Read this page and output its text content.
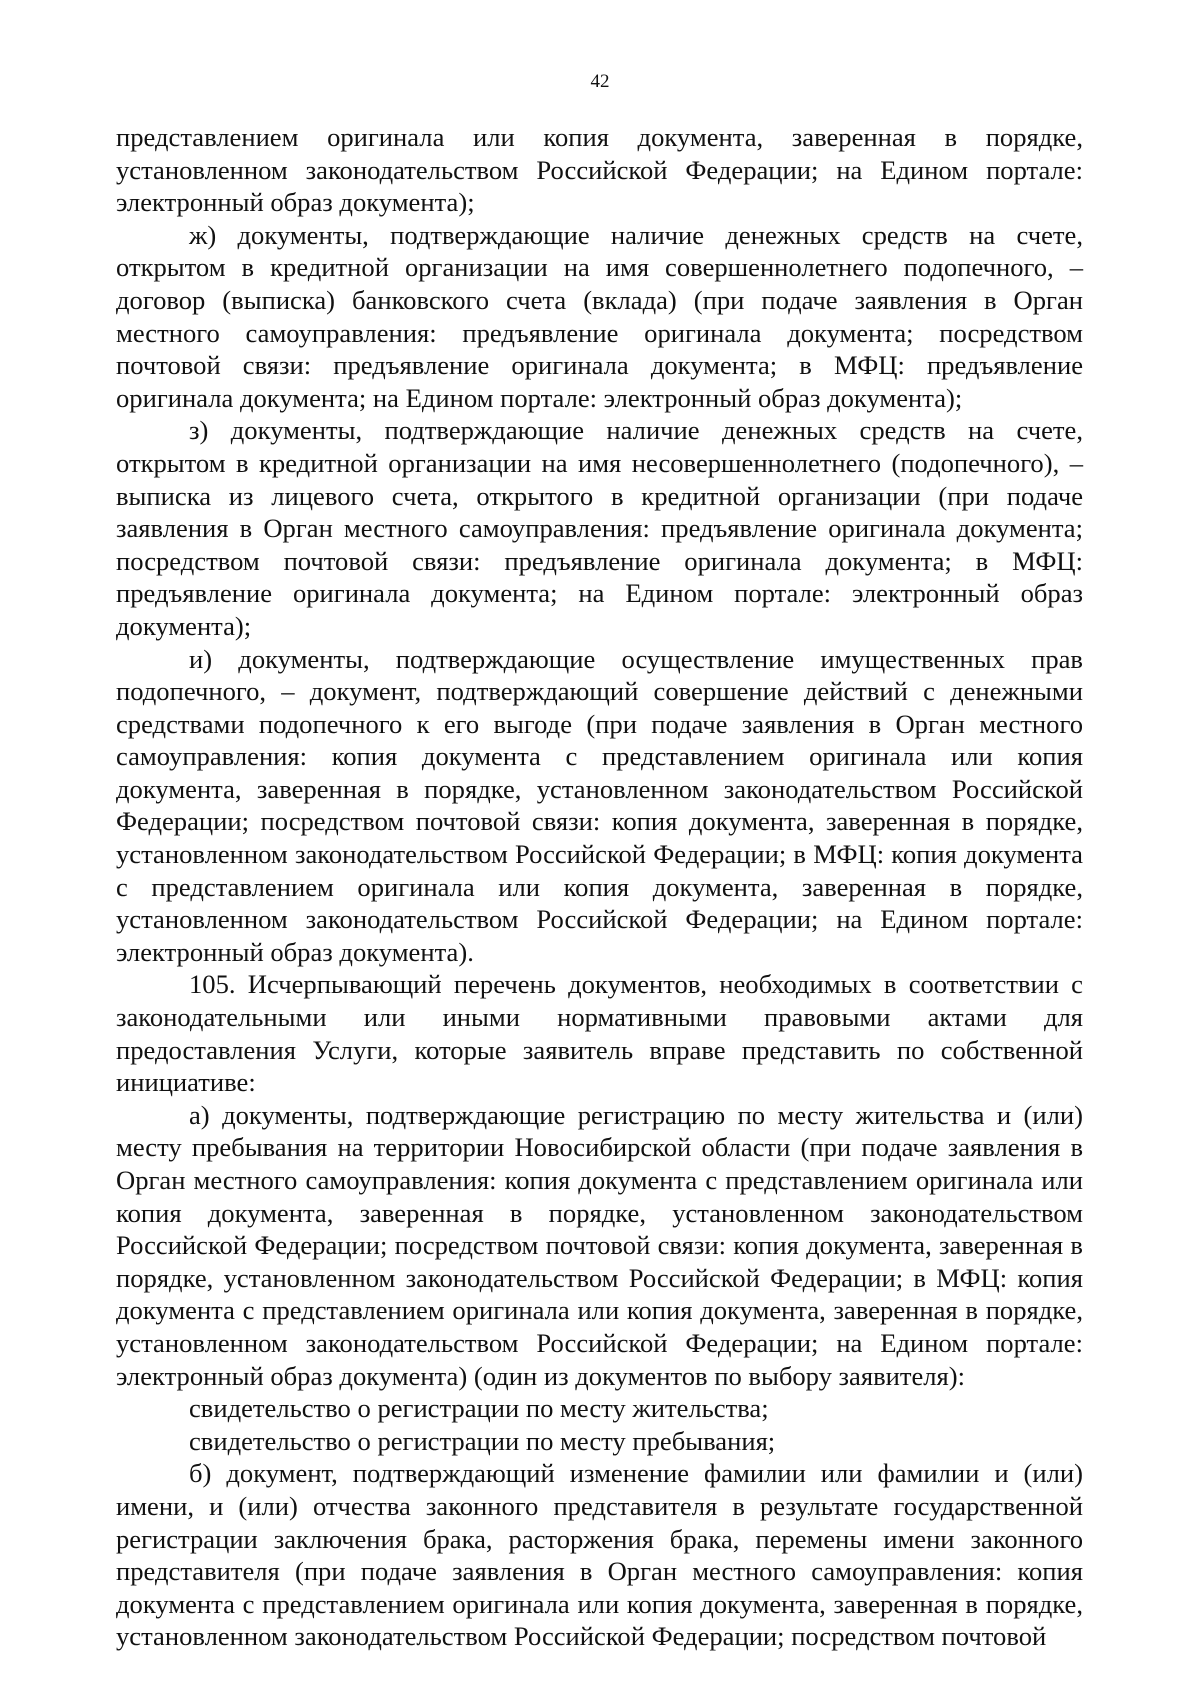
42

представлением оригинала или копия документа, заверенная в порядке, установленном законодательством Российской Федерации; на Едином портале: электронный образ документа);

ж) документы, подтверждающие наличие денежных средств на счете, открытом в кредитной организации на имя совершеннолетнего подопечного, – договор (выписка) банковского счета (вклада) (при подаче заявления в Орган местного самоуправления: предъявление оригинала документа; посредством почтовой связи: предъявление оригинала документа; в МФЦ: предъявление оригинала документа; на Едином портале: электронный образ документа);

з) документы, подтверждающие наличие денежных средств на счете, открытом в кредитной организации на имя несовершеннолетнего (подопечного), – выписка из лицевого счета, открытого в кредитной организации (при подаче заявления в Орган местного самоуправления: предъявление оригинала документа; посредством почтовой связи: предъявление оригинала документа; в МФЦ: предъявление оригинала документа; на Едином портале: электронный образ документа);

и) документы, подтверждающие осуществление имущественных прав подопечного, – документ, подтверждающий совершение действий с денежными средствами подопечного к его выгоде (при подаче заявления в Орган местного самоуправления: копия документа с представлением оригинала или копия документа, заверенная в порядке, установленном законодательством Российской Федерации; посредством почтовой связи: копия документа, заверенная в порядке, установленном законодательством Российской Федерации; в МФЦ: копия документа с представлением оригинала или копия документа, заверенная в порядке, установленном законодательством Российской Федерации; на Едином портале: электронный образ документа).

105. Исчерпывающий перечень документов, необходимых в соответствии с законодательными или иными нормативными правовыми актами для предоставления Услуги, которые заявитель вправе представить по собственной инициативе:

а) документы, подтверждающие регистрацию по месту жительства и (или) месту пребывания на территории Новосибирской области (при подаче заявления в Орган местного самоуправления: копия документа с представлением оригинала или копия документа, заверенная в порядке, установленном законодательством Российской Федерации; посредством почтовой связи: копия документа, заверенная в порядке, установленном законодательством Российской Федерации; в МФЦ: копия документа с представлением оригинала или копия документа, заверенная в порядке, установленном законодательством Российской Федерации; на Едином портале: электронный образ документа) (один из документов по выбору заявителя):

свидетельство о регистрации по месту жительства;

свидетельство о регистрации по месту пребывания;

б) документ, подтверждающий изменение фамилии или фамилии и (или) имени, и (или) отчества законного представителя в результате государственной регистрации заключения брака, расторжения брака, перемены имени законного представителя (при подаче заявления в Орган местного самоуправления: копия документа с представлением оригинала или копия документа, заверенная в порядке, установленном законодательством Российской Федерации; посредством почтовой
